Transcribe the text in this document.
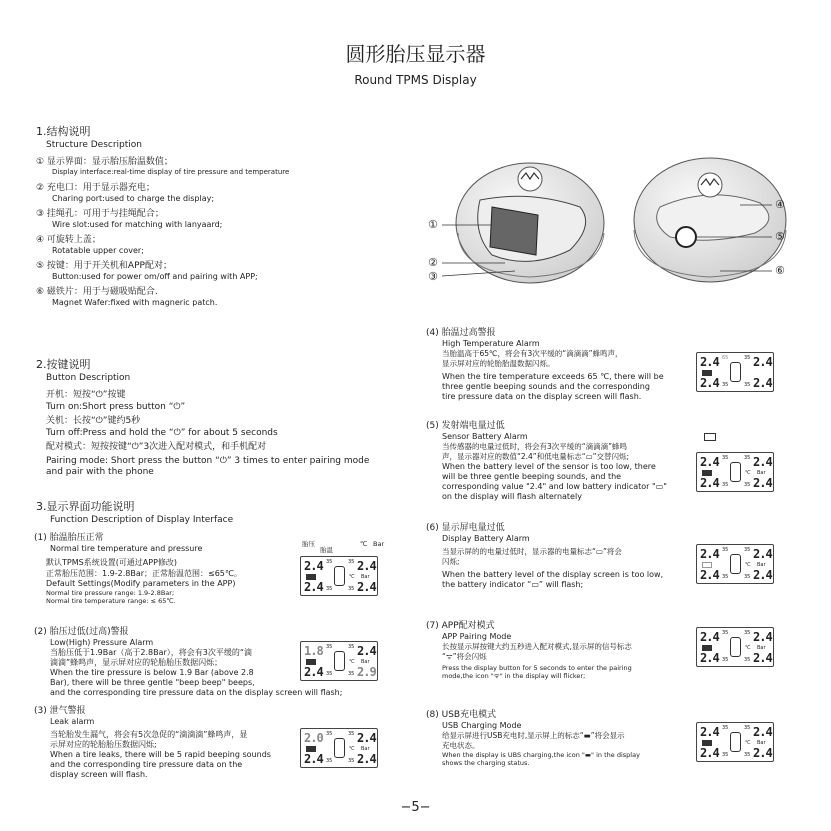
圆形胎压显示器
Round TPMS Display
1.结构说明
Structure Description
① 显示界面：显示胎压胎温数值；
Display interface:real-time display of tire pressure and temperature
② 充电口：用于显示器充电；
Charing port:used to charge the display;
③ 挂绳孔：可用于与挂绳配合；
Wire slot:used for matching with lanyaard;
④ 可旋转上盖；
Rotatable upper cover;
⑤ 按键：用于开关机和APP配对；
Button:used for power om/off and pairing with APP;
⑥ 磁铁片：用于与磁吸贴配合.
Magnet Wafer:fixed with magneric patch.
2.按键说明
Button Description
开机：短按“⏻”按键
Turn on:Short press button “⏻”
关机：长按“⏻”键约5秒
Turn off:Press and hold the “⏻” for about 5 seconds
配对模式：短按按键“⏻”3次进入配对模式，和手机配对
Pairing mode: Short press the button “⏻” 3 times to enter pairing mode
and pair with the phone
3.显示界面功能说明
Function Description of Display Interface
(1) 胎温胎压正常
Normal tire temperature and pressure
默认TPMS系统设置(可通过APP修改)
正常胎压范围：1.9-2.8Bar；正常胎温范围：≤65℃。
Default Settings(Modify parameters in the APP)
Normal tire pressure range: 1.9-2.8Bar;
Normal tire temperature range: ≤ 65℃.
胎压
胎温
℃ Bar
2.4 35	35 2.4
℃ Bar
2.4 35	35 2.4
(2) 胎压过低(过高)警报
Low(High) Pressure Alarm
当胎压低于1.9Bar（高于2.8Bar），将会有3次平缓的“滴
滴滴”蜂鸣声，显示屏对应的轮胎胎压数据闪烁；
When the tire pressure is below 1.9 Bar (above 2.8
Bar), there will be three gentle "beep beep" beeps,
and the corresponding tire pressure data on the display screen will flash;
1.8 35	35 2.4
℃ Bar
2.4 35	35 2.9
(3) 泄气警报
Leak alarm
当轮胎发生漏气，将会有5次急促的“滴滴滴”蜂鸣声，显
示屏对应的轮胎胎压数据闪烁;
When a tire leaks, there will be 5 rapid beeping sounds
and the corresponding tire pressure data on the
display screen will flash.
2.0 35	35 2.4
℃ Bar
2.4 35	35 2.4
①
②
③
④
⑤
⑥
(4) 胎温过高警报
High Temperature Alarm
当胎温高于65℃，将会有3次平缓的“滴滴滴”蜂鸣声，
显示屏对应的轮胎胎温数据闪烁。
When the tire temperature exceeds 65 ℃, there will be
three gentle beeping sounds and the corresponding
tire pressure data on the display screen will flash.
2.4 65	35 2.4
2.4 35	35 2.4
(5) 发射端电量过低
Sensor Battery Alarm
当传感器的电量过低时，将会有3次平缓的“滴滴滴”蜂鸣
声，显示器对应的数值“2.4”和低电量标志“▭”交替闪烁;
When the battery level of the sensor is too low, there
will be three gentle beeping sounds, and the
corresponding value "2.4" and low battery indicator "▭"
on the display will flash alternately
2.4 35	35 2.4
℃ Bar
2.4 35	35 2.4
(6) 显示屏电量过低
Display Battery Alarm
当显示屏的的电量过低时，显示器的电量标志“▭”将会
闪烁;
When the battery level of the display screen is too low,
the battery indicator “▭” will flash;
2.4 35	35 2.4
℃ Bar
2.4 35	35 2.4
(7) APP配对模式
APP Pairing Mode
长按显示屏按键大约五秒进入配对模式,显示屏的信号标志
“ᯤ”将会闪烁
Press the display button for 5 seconds to enter the pairing
mode,the icon "ᯤ" in the display will flicker;
2.4 35	35 2.4
℃ Bar
2.4 35	35 2.4
(8) USB充电模式
USB Charging Mode
给显示屏进行USB充电时,显示屏上的标志“▬”将会显示
充电状态。
When the display is UBS charging,the icon "▬" in the display
shows the charging status.
2.4 35	35 2.4
℃ Bar
2.4 35	35 2.4
−5−
